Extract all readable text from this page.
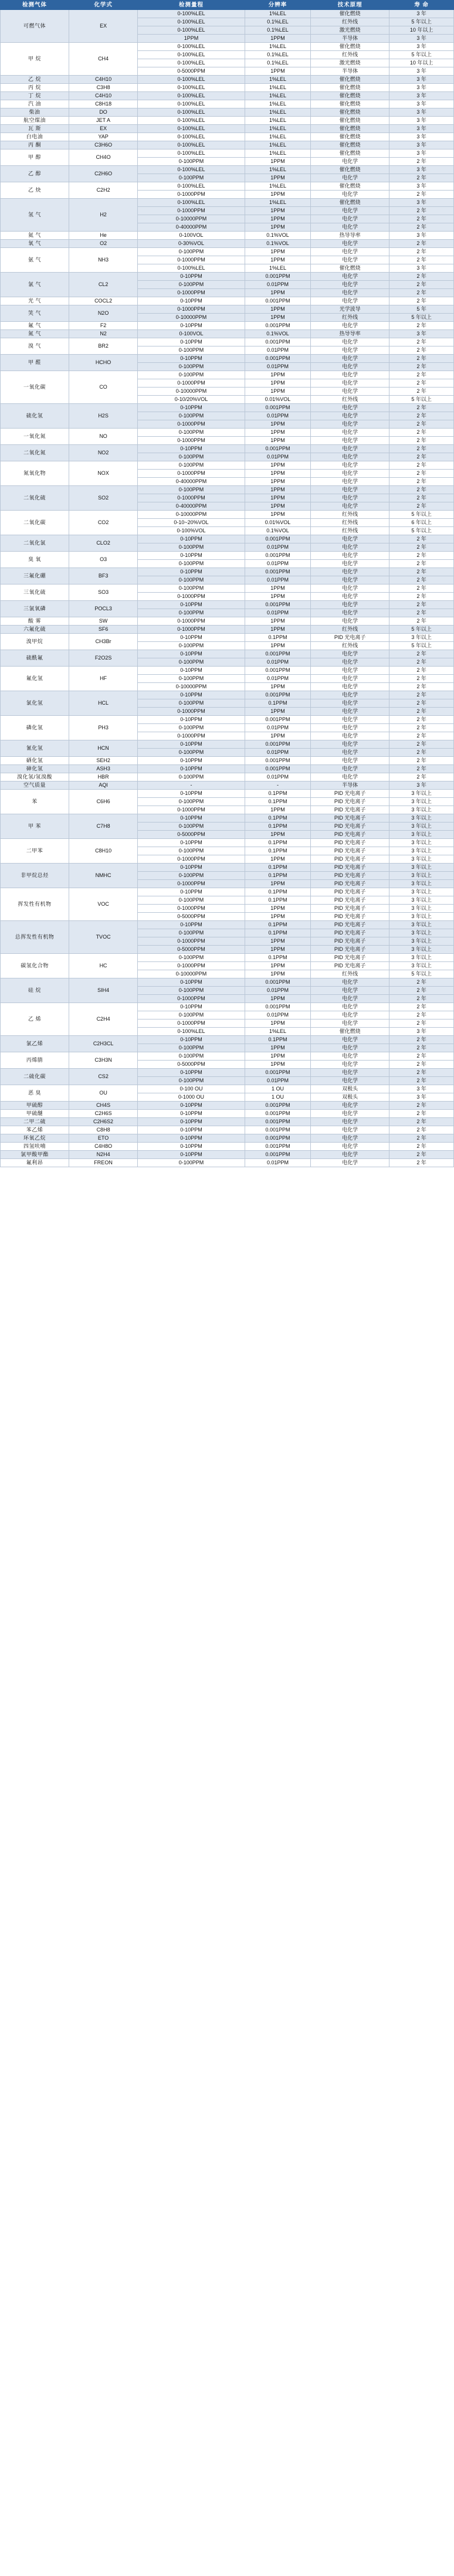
检测气体	化学式	检测量程	分辨率	技术原理	寿 命
可燃气体	EX	0-100%LEL	1%LEL	催化燃烧	3 年
		0-100%LEL	0.1%LEL	红外线	5 年以上
		0-100%LEL	0.1%LEL	激光燃烧	10 年以上
		1PPM	1PPM	半导体	3 年
甲 烷	CH4	0-100%LEL	1%LEL	催化燃烧	3 年
		0-100%LEL	0.1%LEL	红外线	5 年以上
		0-100%LEL	0.1%LEL	激光燃烧	10 年以上
		0-5000PPM	1PPM	半导体	3 年
乙 烷	C4H10	0-100%LEL	1%LEL	催化燃烧	3 年
丙 烷	C3H8	0-100%LEL	1%LEL	催化燃烧	3 年
丁 烷	C4H10	0-100%LEL	1%LEL	催化燃烧	3 年
汽 油	C8H18	0-100%LEL	1%LEL	催化燃烧	3 年
柴油	DO	0-100%LEL	1%LEL	催化燃烧	3 年
航空煤油	JET A	0-100%LEL	1%LEL	催化燃烧	3 年
瓦 斯	EX	0-100%LEL	1%LEL	催化燃烧	3 年
白电油	YAP	0-100%LEL	1%LEL	催化燃烧	3 年
丙 酮	C3H6O	0-100%LEL	1%LEL	催化燃烧	3 年
甲 醇	CH4O	0-100%LEL	1%LEL	催化燃烧	3 年
		0-100PPM	1PPM	电化学	2 年
乙 醇	C2H6O	0-100%LEL	1%LEL	催化燃烧	3 年
		0-100PPM	1PPM	电化学	2 年
乙 炔	C2H2	0-100%LEL	1%LEL	催化燃烧	3 年
		0-1000PPM	1PPM	电化学	2 年
氢 气	H2	0-100%LEL	1%LEL	催化燃烧	3 年
		0-1000PPM	1PPM	电化学	2 年
		0-10000PPM	1PPM	电化学	2 年
		0-40000PPM	1PPM	电化学	2 年
氦 气	He	0-100VOL	0.1%VOL	热导导率	3 年
氧 气	O2	0-30%VOL	0.1%VOL	电化学	2 年
氨 气	NH3	0-100PPM	1PPM	电化学	2 年
		0-1000PPM	1PPM	电化学	2 年
		0-100%LEL	1%LEL	催化燃烧	3 年
氯 气	CL2	0-10PPM	0.001PPM	电化学	2 年
		0-100PPM	0.01PPM	电化学	2 年
		0-1000PPM	1PPM	电化学	2 年
光 气	COCL2	0-10PPM	0.001PPM	电化学	2 年
笑 气	N2O	0-1000PPM	1PPM	光学波导	5 年
		0-10000PPM	1PPM	红外线	5 年以上
氟 气	F2	0-10PPM	0.001PPM	电化学	2 年
氮 气	N2	0-100VOL	0.1%VOL	热导导率	3 年
溴 气	BR2	0-10PPM	0.001PPM	电化学	2 年
		0-100PPM	0.01PPM	电化学	2 年
甲 醛	HCHO	0-10PPM	0.001PPM	电化学	2 年
		0-100PPM	0.01PPM	电化学	2 年
一氧化碳	CO	0-100PPM	1PPM	电化学	2 年
		0-1000PPM	1PPM	电化学	2 年
		0-10000PPM	1PPM	电化学	2 年
		0-10/20%VOL	0.01%VOL	红外线	5 年以上
硫化氢	H2S	0-10PPM	0.001PPM	电化学	2 年
		0-100PPM	0.01PPM	电化学	2 年
		0-1000PPM	1PPM	电化学	2 年
一氧化氮	NO	0-100PPM	1PPM	电化学	2 年
		0-1000PPM	1PPM	电化学	2 年
二氧化氮	NO2	0-10PPM	0.001PPM	电化学	2 年
		0-100PPM	0.01PPM	电化学	2 年
氮氧化物	NOX	0-100PPM	1PPM	电化学	2 年
		0-1000PPM	1PPM	电化学	2 年
		0-40000PPM	1PPM	电化学	2 年
二氧化硫	SO2	0-100PPM	1PPM	电化学	2 年
		0-1000PPM	1PPM	电化学	2 年
		0-40000PPM	1PPM	电化学	2 年
二氧化碳	CO2	0-10000PPM	1PPM	红外线	5 年以上
		0-10~20%VOL	0.01%VOL	红外线	6 年以上
		0-100%VOL	0.1%VOL	红外线	5 年以上
二氧化氯	CLO2	0-10PPM	0.001PPM	电化学	2 年
		0-100PPM	0.01PPM	电化学	2 年
臭 氧	O3	0-10PPM	0.001PPM	电化学	2 年
		0-100PPM	0.01PPM	电化学	2 年
三氟化硼	BF3	0-10PPM	0.001PPM	电化学	2 年
		0-100PPM	0.01PPM	电化学	2 年
三氧化硫	SO3	0-100PPM	1PPM	电化学	2 年
		0-1000PPM	1PPM	电化学	2 年
三氯氧磷	POCL3	0-10PPM	0.001PPM	电化学	2 年
		0-100PPM	0.01PPM	电化学	2 年
酸 雾	SW	0-1000PPM	1PPM	电化学	2 年
六氟化硫	SF6	0-1000PPM	1PPM	红外线	5 年以上
溴甲烷	CH3Br	0-10PPM	0.1PPM	PID 光电离子	3 年以上
		0-100PPM	1PPM	红外线	5 年以上
硫酰氟	F2O2S	0-10PPM	0.001PPM	电化学	2 年
		0-100PPM	0.01PPM	电化学	2 年
氟化氢	HF	0-10PPM	0.001PPM	电化学	2 年
		0-100PPM	0.01PPM	电化学	2 年
		0-10000PPM	1PPM	电化学	2 年
氯化氢	HCL	0-10PPM	0.001PPM	电化学	2 年
		0-100PPM	0.1PPM	电化学	2 年
		0-1000PPM	1PPM	电化学	2 年
磷化氢	PH3	0-10PPM	0.001PPM	电化学	2 年
		0-100PPM	0.01PPM	电化学	2 年
		0-1000PPM	1PPM	电化学	2 年
氰化氢	HCN	0-10PPM	0.001PPM	电化学	2 年
		0-100PPM	0.01PPM	电化学	2 年
硒化氢	SEH2	0-10PPM	0.001PPM	电化学	2 年
砷化氢	ASH3	0-10PPM	0.001PPM	电化学	2 年
溴化氢/氢溴酸	HBR	0-100PPM	0.01PPM	电化学	2 年
空气质量	AQI	-	-	半导体	3 年
苯	C6H6	0-10PPM	0.1PPM	PID 光电离子	3 年以上
		0-100PPM	0.1PPM	PID 光电离子	3 年以上
		0-1000PPM	1PPM	PID 光电离子	3 年以上
甲 苯	C7H8	0-10PPM	0.1PPM	PID 光电离子	3 年以上
		0-100PPM	0.1PPM	PID 光电离子	3 年以上
		0-5000PPM	1PPM	PID 光电离子	3 年以上
二甲苯	C8H10	0-10PPM	0.1PPM	PID 光电离子	3 年以上
		0-100PPM	0.1PPM	PID 光电离子	3 年以上
		0-1000PPM	1PPM	PID 光电离子	3 年以上
非甲烷总烃	NMHC	0-10PPM	0.1PPM	PID 光电离子	3 年以上
		0-100PPM	0.1PPM	PID 光电离子	3 年以上
		0-1000PPM	1PPM	PID 光电离子	3 年以上
挥发性有机物	VOC	0-10PPM	0.1PPM	PID 光电离子	3 年以上
		0-100PPM	0.1PPM	PID 光电离子	3 年以上
		0-1000PPM	1PPM	PID 光电离子	3 年以上
		0-5000PPM	1PPM	PID 光电离子	3 年以上
总挥发性有机物	TVOC	0-10PPM	0.1PPM	PID 光电离子	3 年以上
		0-100PPM	0.1PPM	PID 光电离子	3 年以上
		0-1000PPM	1PPM	PID 光电离子	3 年以上
		0-5000PPM	1PPM	PID 光电离子	3 年以上
碳氢化合物	HC	0-100PPM	0.1PPM	PID 光电离子	3 年以上
		0-1000PPM	1PPM	PID 光电离子	3 年以上
		0-10000PPM	1PPM	红外线	5 年以上
硅 烷	SIH4	0-10PPM	0.001PPM	电化学	2 年
		0-100PPM	0.01PPM	电化学	2 年
		0-1000PPM	1PPM	电化学	2 年
乙 烯	C2H4	0-10PPM	0.001PPM	电化学	2 年
		0-100PPM	0.01PPM	电化学	2 年
		0-1000PPM	1PPM	电化学	2 年
		0-100%LEL	1%LEL	催化燃烧	3 年
氯乙烯	C2H3CL	0-10PPM	0.1PPM	电化学	2 年
		0-100PPM	1PPM	电化学	2 年
丙烯腈	C3H3N	0-100PPM	1PPM	电化学	2 年
		0-5000PPM	1PPM	电化学	2 年
二硫化碳	CS2	0-10PPM	0.001PPM	电化学	2 年
		0-100PPM	0.01PPM	电化学	2 年
恶 臭	OU	0-100 OU	1 OU	双极头	3 年
		0-1000 OU	1 OU	双极头	3 年
甲硫醇	CH4S	0-10PPM	0.001PPM	电化学	2 年
甲硫醚	C2H6S	0-10PPM	0.001PPM	电化学	2 年
二甲二硫	C2H6S2	0-10PPM	0.001PPM	电化学	2 年
苯乙烯	C8H8	0-10PPM	0.001PPM	电化学	2 年
环氧乙烷	ETO	0-10PPM	0.001PPM	电化学	2 年
四氢呋喃	C4H8O	0-10PPM	0.001PPM	电化学	2 年
氯甲酸甲酯	N2H4	0-10PPM	0.001PPM	电化学	2 年
氟利昂	FREON	0-100PPM	0.01PPM	电化学	2 年
